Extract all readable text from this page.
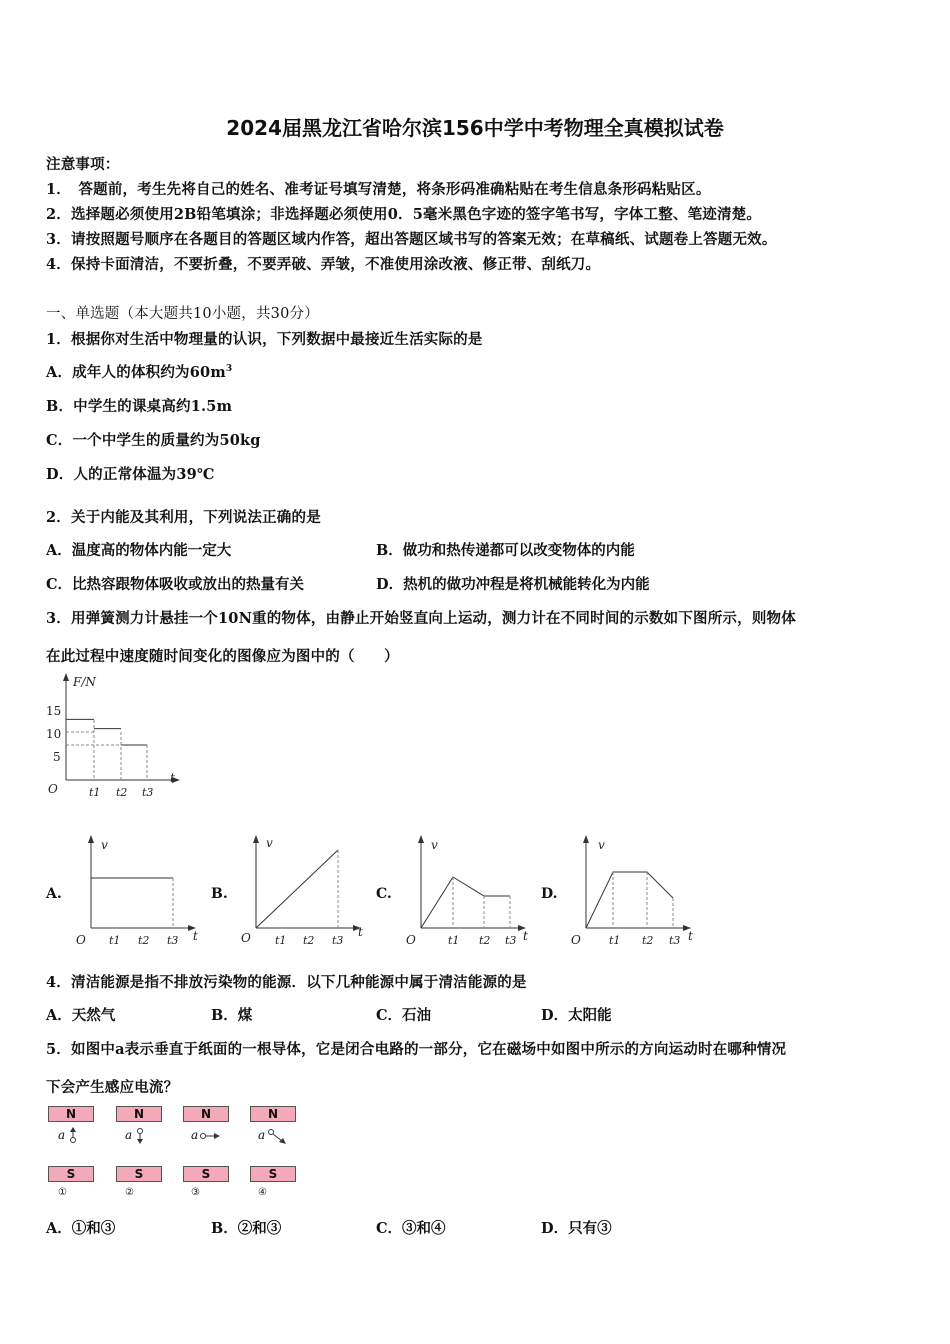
2024届黑龙江省哈尔滨156中学中考物理全真模拟试卷
注意事项：
1．　答题前，考生先将自己的姓名、准考证号填写清楚，将条形码准确粘贴在考生信息条形码粘贴区。
2．选择题必须使用2B铅笔填涂；非选择题必须使用0．5毫米黑色字迹的签字笔书写，字体工整、笔迹清楚。
3．请按照题号顺序在各题目的答题区域内作答，超出答题区域书写的答案无效；在草稿纸、试题卷上答题无效。
4．保持卡面清洁，不要折叠，不要弄破、弄皱，不准使用涂改液、修正带、刮纸刀。
一、单选题（本大题共10小题，共30分）
1．根据你对生活中物理量的认识，下列数据中最接近生活实际的是
A．成年人的体积约为$60m^3$
B．中学生的课桌高约1.5m
C．一个中学生的质量约为50kg
D．人的正常体温为39℃
2．关于内能及其利用，下列说法正确的是
A．温度高的物体内能一定大	B．做功和热传递都可以改变物体的内能
C．比热容跟物体吸收或放出的热量有关	D．热机的做功冲程是将机械能转化为内能
3．用弹簧测力计悬挂一个10N重的物体，由静止开始竖直向上运动，测力计在不同时间的示数如下图所示，则物体
在此过程中速度随时间变化的图像应为图中的（　　）
F/N
O
t
15
10
5
t1 t2 t3
A.	B.	C.	D.
v
O	t
t1 t2 t3
v
O	t
t1 t2 t3
v
O	t
t1 t2 t3
v
O	t
t1 t2 t3
4．清洁能源是指不排放污染物的能源．以下几种能源中属于清洁能源的是
A．天然气	B．煤	C．石油	D．太阳能
5．如图中a表示垂直于纸面的一根导体，它是闭合电路的一部分，它在磁场中如图中所示的方向运动时在哪种情况
下会产生感应电流？
N	N	N	N
a	a	a	a
S	S	S	S
①	②	③	④
A．①和③	B．②和③	C．③和④	D．只有③
